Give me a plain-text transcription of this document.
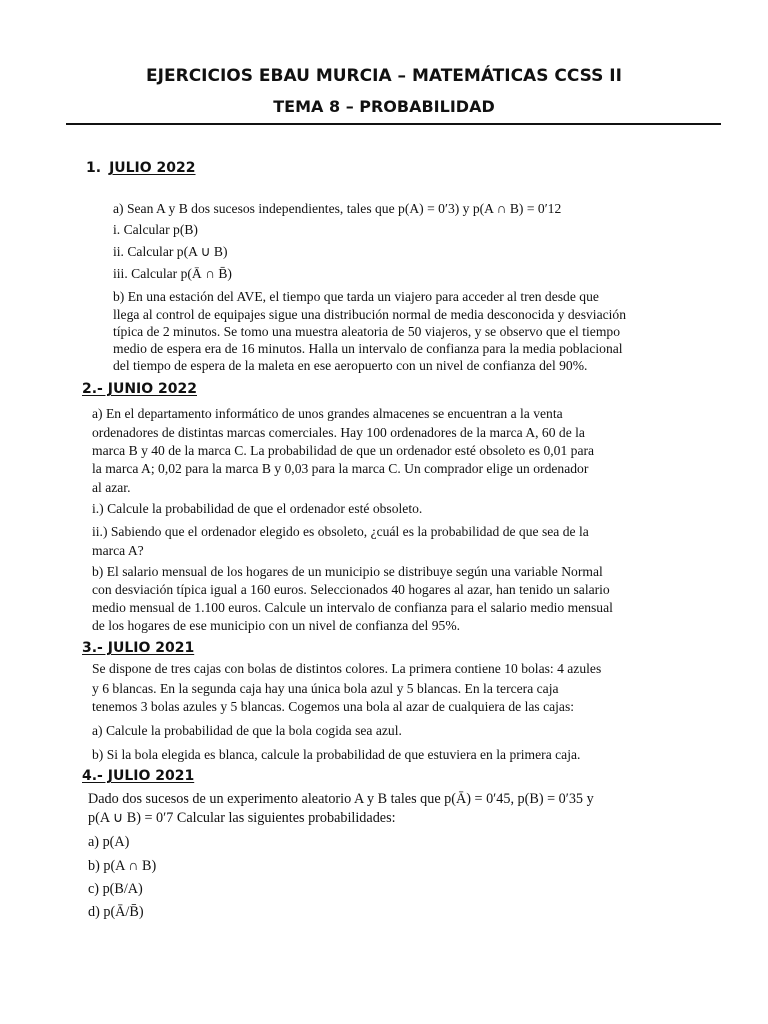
EJERCICIOS EBAU MURCIA – MATEMÁTICAS CCSS II
TEMA 8 – PROBABILIDAD
1. JULIO 2022
a) Sean A y B dos sucesos independientes, tales que p(A) = 0′3) y p(A ∩ B) = 0′12
i. Calcular p(B)
ii. Calcular p(A ∪ B)
iii. Calcular p(Ā ∩ B̄)
b) En una estación del AVE, el tiempo que tarda un viajero para acceder al tren desde que
llega al control de equipajes sigue una distribución normal de media desconocida y desviación
típica de 2 minutos. Se tomo una muestra aleatoria de 50 viajeros, y se observo que el tiempo
medio de espera era de 16 minutos. Halla un intervalo de confianza para la media poblacional
del tiempo de espera de la maleta en ese aeropuerto con un nivel de confianza del 90%.
2.- JUNIO 2022
a) En el departamento informático de unos grandes almacenes se encuentran a la venta
ordenadores de distintas marcas comerciales. Hay 100 ordenadores de la marca A, 60 de la
marca B y 40 de la marca C. La probabilidad de que un ordenador esté obsoleto es 0,01 para
la marca A; 0,02 para la marca B y 0,03 para la marca C. Un comprador elige un ordenador
al azar.
i.) Calcule la probabilidad de que el ordenador esté obsoleto.
ii.) Sabiendo que el ordenador elegido es obsoleto, ¿cuál es la probabilidad de que sea de la
marca A?
b) El salario mensual de los hogares de un municipio se distribuye según una variable Normal
con desviación típica igual a 160 euros. Seleccionados 40 hogares al azar, han tenido un salario
medio mensual de 1.100 euros. Calcule un intervalo de confianza para el salario medio mensual
de los hogares de ese municipio con un nivel de confianza del 95%.
3.- JULIO 2021
Se dispone de tres cajas con bolas de distintos colores. La primera contiene 10 bolas: 4 azules
y 6 blancas. En la segunda caja hay una única bola azul y 5 blancas. En la tercera caja
tenemos 3 bolas azules y 5 blancas. Cogemos una bola al azar de cualquiera de las cajas:
a) Calcule la probabilidad de que la bola cogida sea azul.
b) Si la bola elegida es blanca, calcule la probabilidad de que estuviera en la primera caja.
4.- JULIO 2021
Dado dos sucesos de un experimento aleatorio A y B tales que p(Ā) = 0′45, p(B) = 0′35 y
p(A ∪ B) = 0′7 Calcular las siguientes probabilidades:
a) p(A)
b) p(A ∩ B)
c) p(B/A)
d) p(Ā/B̄)
